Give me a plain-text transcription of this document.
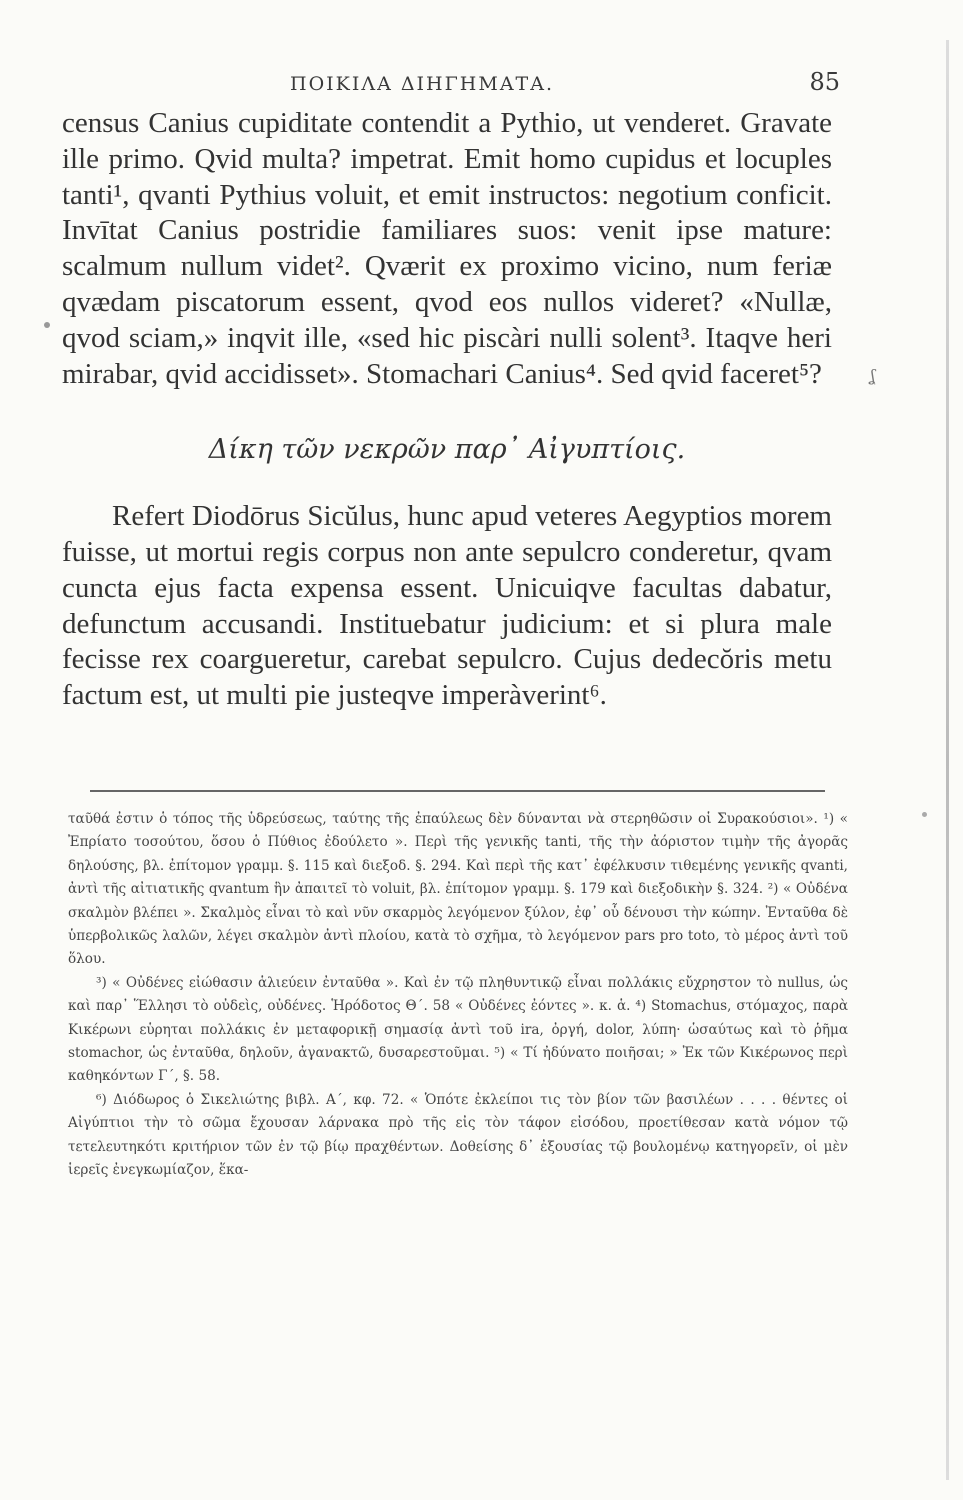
ΠΟΙΚΙΛΑ ΔΙΗΓΗΜΑΤΑ.	85
ʆ

census Canius cupiditate contendit a Pythio, ut venderet. Gravate ille primo. Qvid multa? impetrat. Emit homo cupidus et locuples tanti¹, qvanti Pythius voluit, et emit instructos: negotium conficit. Invītat Canius postridie familiares suos: venit ipse mature: scalmum nullum videt². Qværit ex proximo vicino, num feriæ qvædam piscatorum essent, qvod eos nullos videret? «Nullæ, qvod sciam,» inqvit ille, «sed hic piscàri nulli solent³. Itaqve heri mirabar, qvid accidisset». Stomachari Canius⁴. Sed qvid faceret⁵?

Δίκη τῶν νεκρῶν παρ᾽ Αἰγυπτίοις.

Refert Diodōrus Sicŭlus, hunc apud veteres Aegyptios morem fuisse, ut mortui regis corpus non ante sepulcro conderetur, qvam cuncta ejus facta expensa essent. Unicuiqve facultas dabatur, defunctum accusandi. Instituebatur judicium: et si plura male fecisse rex coargueretur, carebat sepulcro. Cujus dedecŏris metu factum est, ut multi pie justeqve imperàverint⁶.

ταῦθά ἐστιν ὁ τόπος τῆς ὑδρεύσεως, ταύτης τῆς ἐπαύλεως δὲν δύνανται νὰ στερηθῶσιν οἱ Συρακούσιοι». ¹) « Ἐπρίατο τοσούτου, ὅσου ὁ Πύθιος ἐδούλετο ». Περὶ τῆς γενικῆς tanti, τῆς τὴν ἀόριστον τιμὴν τῆς ἀγορᾶς δηλούσης, βλ. ἐπίτομον γραμμ. §. 115 καὶ διεξοδ. §. 294. Καὶ περὶ τῆς κατ᾽ ἐφέλκυσιν τιθεμένης γενικῆς qvanti, ἀντὶ τῆς αἰτιατικῆς qvantum ἣν ἀπαιτεῖ τὸ voluit, βλ. ἐπίτομον γραμμ. §. 179 καὶ διεξοδικὴν §. 324. ²) « Οὐδένα σκαλμὸν βλέπει ». Σκαλμὸς εἶναι τὸ καὶ νῦν σκαρμὸς λεγόμενον ξύλον, ἐφ᾽ οὗ δένουσι τὴν κώπην. Ἐνταῦθα δὲ ὑπερβολικῶς λαλῶν, λέγει σκαλμὸν ἀντὶ πλοίου, κατὰ τὸ σχῆμα, τὸ λεγόμενον pars pro toto, τὸ μέρος ἀντὶ τοῦ ὅλου.

³) « Οὐδένες εἰώθασιν ἁλιεύειν ἐνταῦθα ». Καὶ ἐν τῷ πληθυντικῷ εἶναι πολλάκις εὔχρηστον τὸ nullus, ὡς καὶ παρ᾽ Ἕλλησι τὸ οὐδεὶς, οὐδένες. Ἡρόδοτος Θ΄. 58 « Οὐδένες ἐόντες ». κ. ἁ. ⁴) Stomachus, στόμαχος, παρὰ Κικέρωνι εὑρηται πολλάκις ἐν μεταφορικῇ σημασίᾳ ἀντὶ τοῦ ira, ὀργή, dolor, λύπη· ὡσαύτως καὶ τὸ ῥῆμα stomachor, ὡς ἐνταῦθα, δηλοῦν, ἀγανακτῶ, δυσαρεστοῦμαι. ⁵) « Τί ἠδύνατο ποιῆσαι; » Ἐκ τῶν Κικέρωνος περὶ καθηκόντων Γ΄, §. 58.

⁶) Διόδωρος ὁ Σικελιώτης βιβλ. Α΄, κφ. 72. « Ὁπότε ἐκλείποι τις τὸν βίον τῶν βασιλέων . . . . θέντες οἱ Αἰγύπτιοι τὴν τὸ σῶμα ἔχουσαν λάρνακα πρὸ τῆς εἰς τὸν τάφον εἰσόδου, προετίθεσαν κατὰ νόμον τῷ τετελευτηκότι κριτήριον τῶν ἐν τῷ βίῳ πραχθέντων. Δοθείσης δ᾽ ἐξουσίας τῷ βουλομένῳ κατηγορεῖν, οἱ μὲν ἱερεῖς ἐνεγκωμίαζον, ἕκα-
